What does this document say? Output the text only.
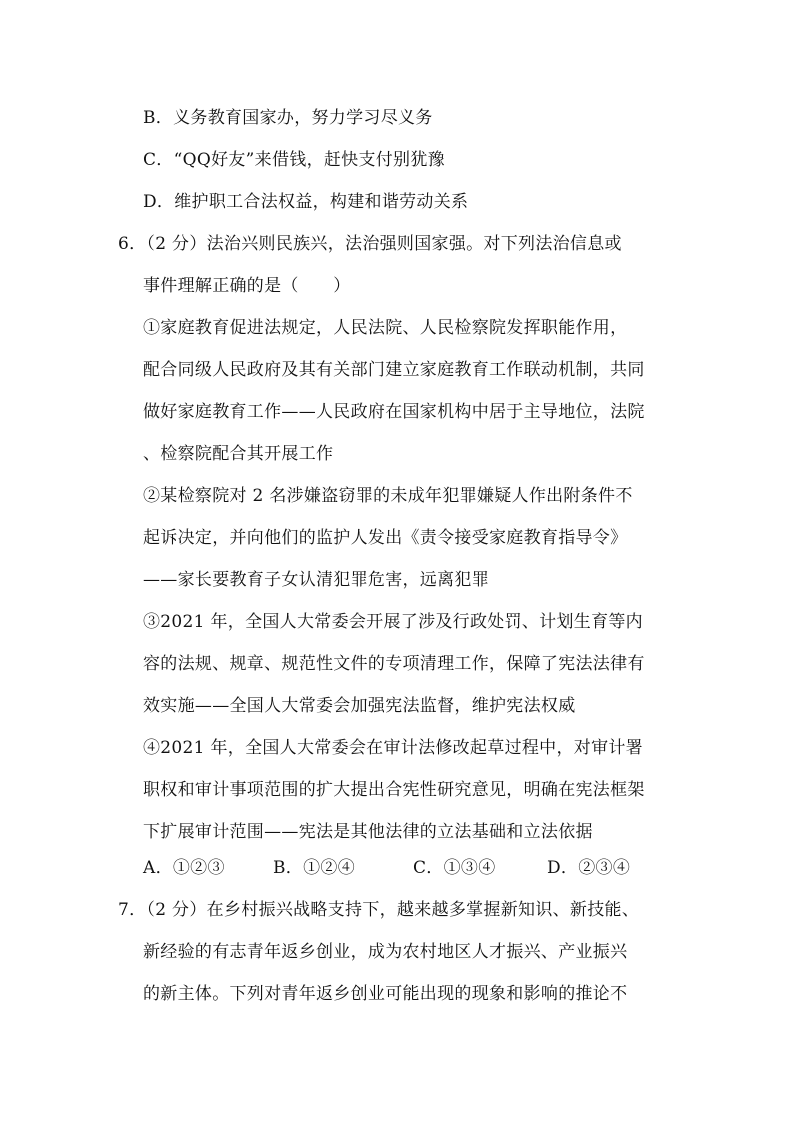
B．义务教育国家办，努力学习尽义务
C．“QQ好友”来借钱，赶快支付别犹豫
D．维护职工合法权益，构建和谐劳动关系
6．（2 分）法治兴则民族兴，法治强则国家强。对下列法治信息或
事件理解正确的是（　　）
①家庭教育促进法规定，人民法院、人民检察院发挥职能作用，
配合同级人民政府及其有关部门建立家庭教育工作联动机制，共同
做好家庭教育工作——人民政府在国家机构中居于主导地位，法院
、检察院配合其开展工作
②某检察院对 2 名涉嫌盗窃罪的未成年犯罪嫌疑人作出附条件不
起诉决定，并向他们的监护人发出《责令接受家庭教育指导令》
——家长要教育子女认清犯罪危害，远离犯罪
③2021 年，全国人大常委会开展了涉及行政处罚、计划生育等内
容的法规、规章、规范性文件的专项清理工作，保障了宪法法律有
效实施——全国人大常委会加强宪法监督，维护宪法权威
④2021 年，全国人大常委会在审计法修改起草过程中，对审计署
职权和审计事项范围的扩大提出合宪性研究意见，明确在宪法框架
下扩展审计范围——宪法是其他法律的立法基础和立法依据
A．①②③	B．①②④	C．①③④	D．②③④
7．（2 分）在乡村振兴战略支持下，越来越多掌握新知识、新技能、
新经验的有志青年返乡创业，成为农村地区人才振兴、产业振兴
的新主体。下列对青年返乡创业可能出现的现象和影响的推论不
